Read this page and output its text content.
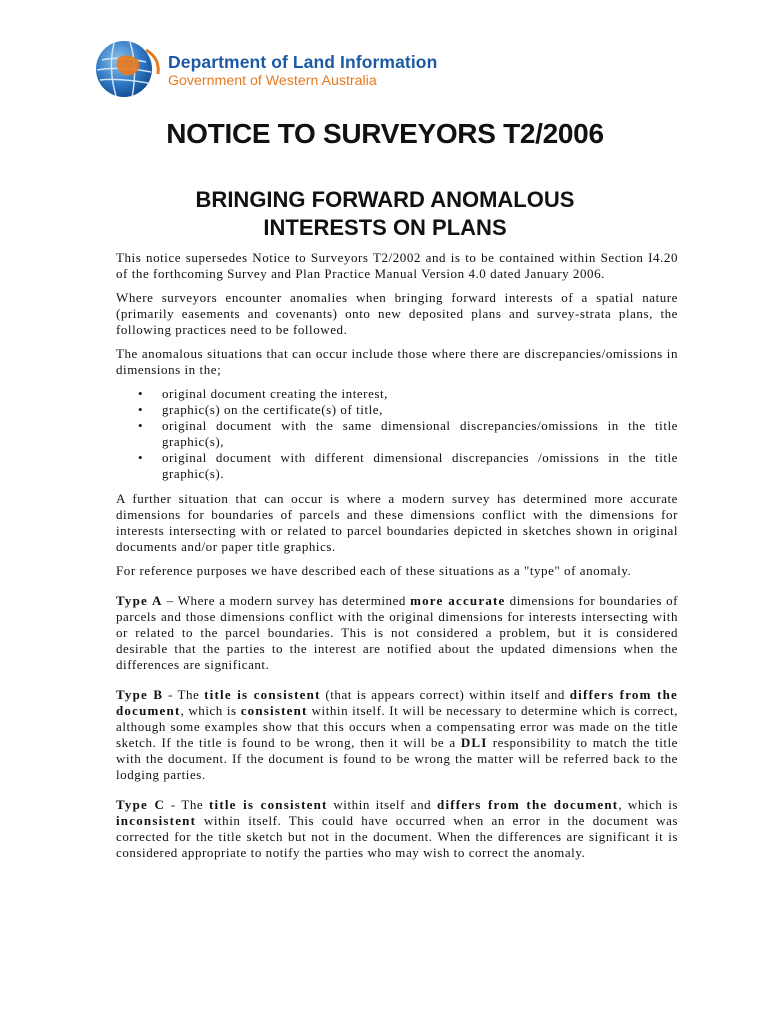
Department of Land Information
Government of Western Australia
NOTICE TO SURVEYORS T2/2006
BRINGING FORWARD ANOMALOUS
INTERESTS ON PLANS

This notice supersedes Notice to Surveyors T2/2002 and is to be contained within Section I4.20 of the forthcoming Survey and Plan Practice Manual Version 4.0 dated January 2006.

Where surveyors encounter anomalies when bringing forward interests of a spatial nature (primarily easements and covenants) onto new deposited plans and survey-strata plans, the following practices need to be followed.

The anomalous situations that can occur include those where there are discrepancies/omissions in dimensions in the;

• original document creating the interest,
• graphic(s) on the certificate(s) of title,
• original document with the same dimensional discrepancies/omissions in the title graphic(s),
• original document with different dimensional discrepancies /omissions in the title graphic(s).

A further situation that can occur is where a modern survey has determined more accurate dimensions for boundaries of parcels and these dimensions conflict with the dimensions for interests intersecting with or related to parcel boundaries depicted in sketches shown in original documents and/or paper title graphics.

For reference purposes we have described each of these situations as a "type" of anomaly.

Type A – Where a modern survey has determined more accurate dimensions for boundaries of parcels and those dimensions conflict with the original dimensions for interests intersecting with or related to the parcel boundaries. This is not considered a problem, but it is considered desirable that the parties to the interest are notified about the updated dimensions when the differences are significant.

Type B - The title is consistent (that is appears correct) within itself and differs from the document, which is consistent within itself. It will be necessary to determine which is correct, although some examples show that this occurs when a compensating error was made on the title sketch. If the title is found to be wrong, then it will be a DLI responsibility to match the title with the document. If the document is found to be wrong the matter will be referred back to the lodging parties.

Type C - The title is consistent within itself and differs from the document, which is inconsistent within itself. This could have occurred when an error in the document was corrected for the title sketch but not in the document. When the differences are significant it is considered appropriate to notify the parties who may wish to correct the anomaly.
